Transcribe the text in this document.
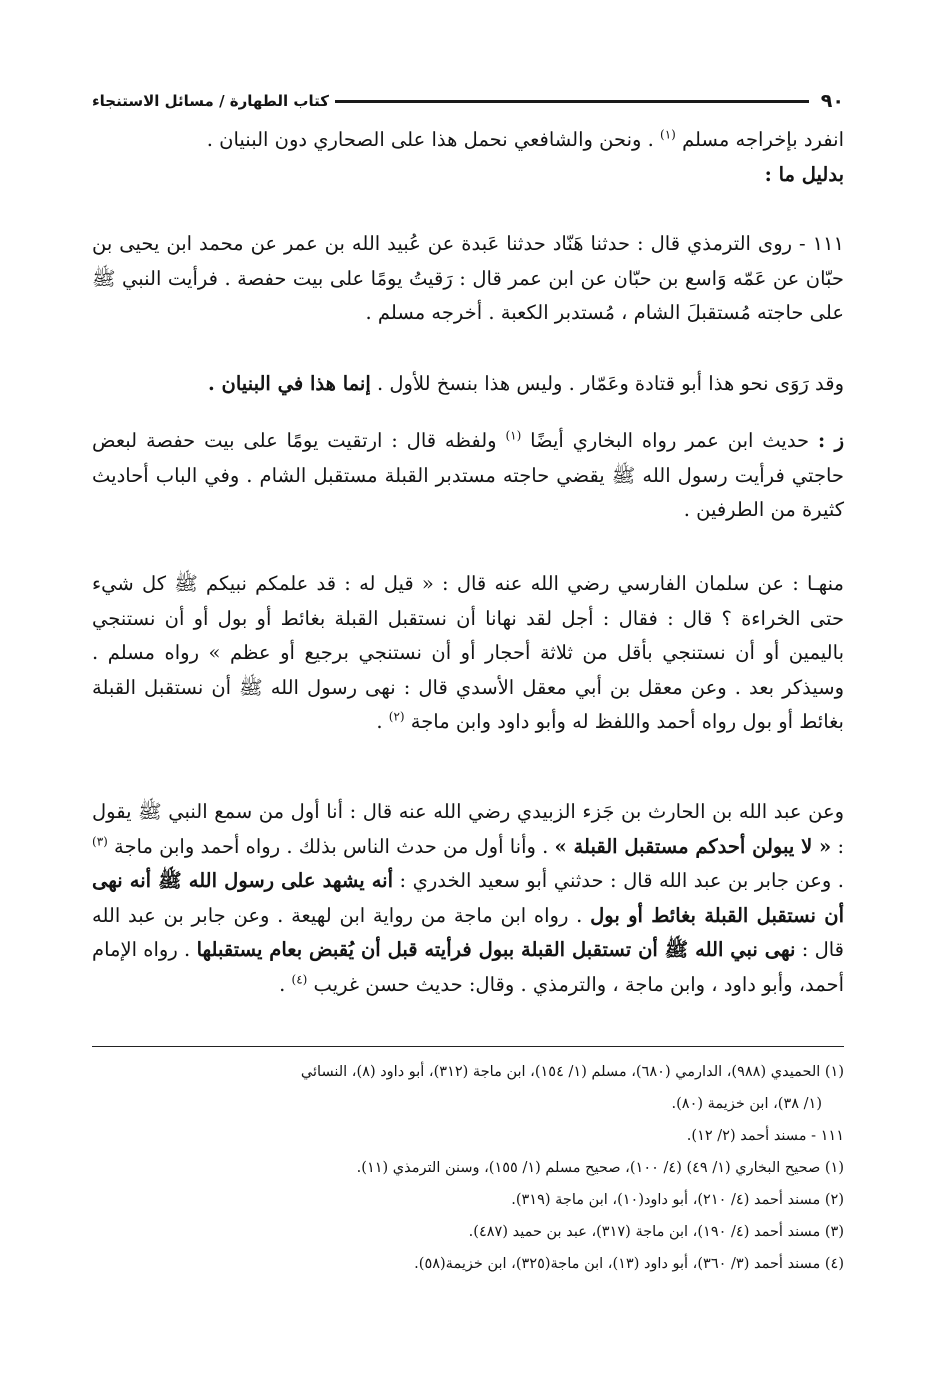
٩٠
كتاب الطهارة / مسائل الاستنجاء

انفرد بإخراجه مسلم $^{(١)}$ . ونحن والشافعي نحمل هذا على الصحاري دون البنيان .

بدليل ما :

١١١ - روى الترمذي قال : حدثنا هَنّاد حدثنا عَبدة عن عُبيد الله بن عمر عن محمد ابن يحيى بن حبّان عن عَمّه وَاسع بن حبّان عن ابن عمر قال : رَقيتُ يومًا على بيت حفصة . فرأيت النبي ﷺ على حاجته مُستقبلَ الشام ، مُستدبر الكعبة . أخرجه مسلم .

وقد رَوَى نحو هذا أبو قتادة وعَمّار . وليس هذا بنسخ للأول . إنما هذا في البنيان .

ز : حديث ابن عمر رواه البخاري أيضًا $^{(١)}$ ولفظه قال : ارتقيت يومًا على بيت حفصة لبعض حاجتي فرأيت رسول الله ﷺ يقضي حاجته مستدبر القبلة مستقبل الشام . وفي الباب أحاديث كثيرة من الطرفين .

منهـا : عن سلمان الفارسي رضي الله عنه قال : « قيل له : قد علمكم نبيكم ﷺ كل شيء حتى الخراءة ؟ قال : فقال : أجل لقد نهانا أن نستقبل القبلة بغائط أو بول أو أن نستنجي باليمين أو أن نستنجي بأقل من ثلاثة أحجار أو أن نستنجي برجيع أو عظم » رواه مسلم . وسيذكر بعد . وعن معقل بن أبي معقل الأسدي قال : نهى رسول الله ﷺ أن نستقبل القبلة بغائط أو بول رواه أحمد واللفظ له وأبو داود وابن ماجة $^{(٢)}$ .

وعن عبد الله بن الحارث بن جَزء الزبيدي رضي الله عنه قال : أنا أول من سمع النبي ﷺ يقول : « لا يبولن أحدكم مستقبل القبلة » . وأنا أول من حدث الناس بذلك . رواه أحمد وابن ماجة $^{(٣)}$ . وعن جابر بن عبد الله قال : حدثني أبو سعيد الخدري : أنه يشهد على رسول الله ﷺ أنه نهى أن نستقبل القبلة بغائط أو بول . رواه ابن ماجة من رواية ابن لهيعة . وعن جابر بن عبد الله قال : نهى نبي الله ﷺ أن تستقبل القبلة ببول فرأيته قبل أن يُقبض بعام يستقبلها . رواه الإمام أحمد، وأبو داود ، وابن ماجة ، والترمذي . وقال: حديث حسن غريب $^{(٤)}$ .

(١) الحميدي (٩٨٨)، الدارمي (٦٨٠)، مسلم (١/ ١٥٤)، ابن ماجة (٣١٢)، أبو داود (٨)، النسائي

(١/ ٣٨)، ابن خزيمة (٨٠).

١١١ - مسند أحمد (٢/ ١٢).

(١) صحيح البخاري (١/ ٤٩) (٤/ ١٠٠)، صحيح مسلم (١/ ١٥٥)، وسنن الترمذي (١١).

(٢) مسند أحمد (٤/ ٢١٠)، أبو داود(١٠)، ابن ماجة (٣١٩).

(٣) مسند أحمد (٤/ ١٩٠)، ابن ماجة (٣١٧)، عبد بن حميد (٤٨٧).

(٤) مسند أحمد (٣/ ٣٦٠)، أبو داود (١٣)، ابن ماجة(٣٢٥)، ابن خزيمة(٥٨).
